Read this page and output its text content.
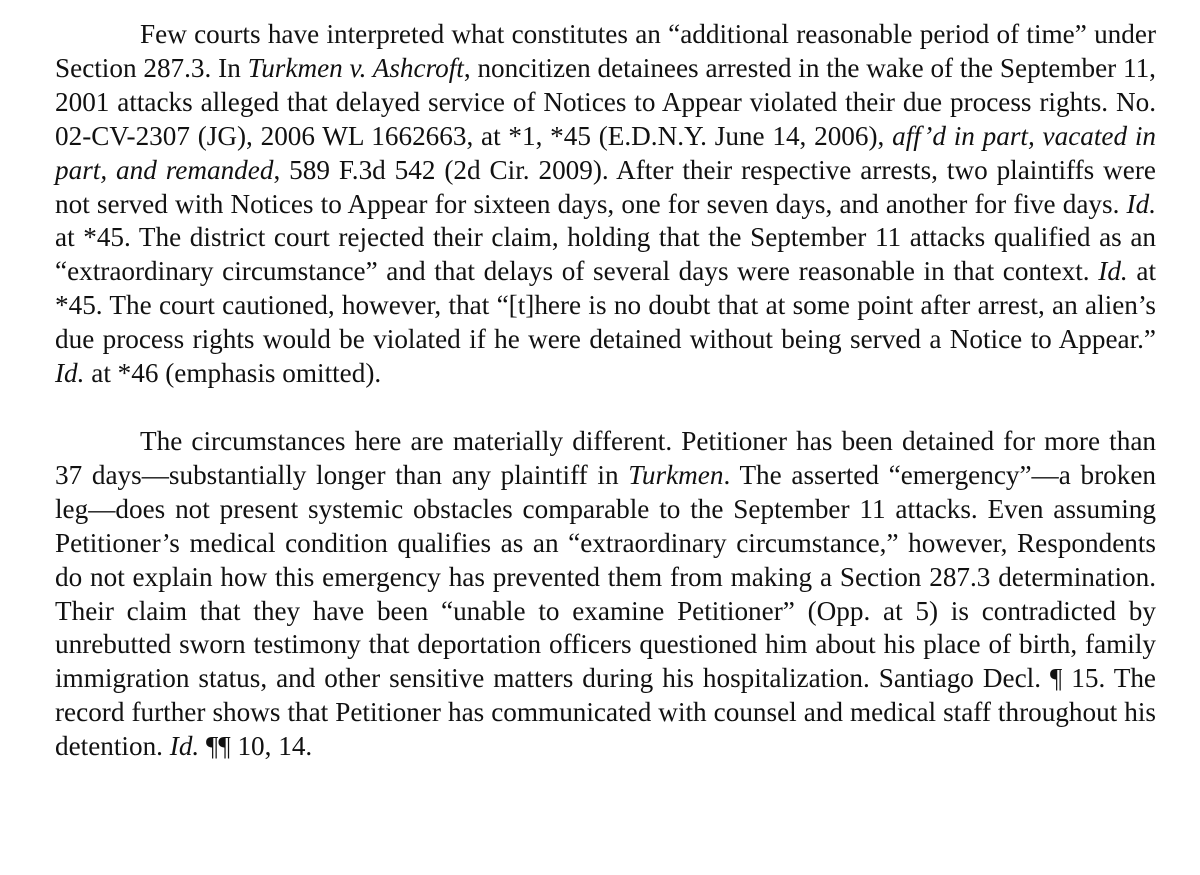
Few courts have interpreted what constitutes an “additional reasonable period of time” under Section 287.3. In Turkmen v. Ashcroft, noncitizen detainees arrested in the wake of the September 11, 2001 attacks alleged that delayed service of Notices to Appear violated their due process rights. No. 02-CV-2307 (JG), 2006 WL 1662663, at *1, *45 (E.D.N.Y. June 14, 2006), aff’d in part, vacated in part, and remanded, 589 F.3d 542 (2d Cir. 2009). After their respective arrests, two plaintiffs were not served with Notices to Appear for sixteen days, one for seven days, and another for five days. Id. at *45. The district court rejected their claim, holding that the September 11 attacks qualified as an “extraordinary circumstance” and that delays of several days were reasonable in that context. Id. at *45. The court cautioned, however, that “[t]here is no doubt that at some point after arrest, an alien’s due process rights would be violated if he were detained without being served a Notice to Appear.” Id. at *46 (emphasis omitted).

The circumstances here are materially different. Petitioner has been detained for more than 37 days—substantially longer than any plaintiff in Turkmen. The asserted “emergency”—a broken leg—does not present systemic obstacles comparable to the September 11 attacks. Even assuming Petitioner’s medical condition qualifies as an “extraordinary circumstance,” however, Respondents do not explain how this emergency has prevented them from making a Section 287.3 determination. Their claim that they have been “unable to examine Petitioner” (Opp. at 5) is contradicted by unrebutted sworn testimony that deportation officers questioned him about his place of birth, family immigration status, and other sensitive matters during his hospitalization. Santiago Decl. ¶ 15. The record further shows that Petitioner has communicated with counsel and medical staff throughout his detention. Id. ¶¶ 10, 14.
